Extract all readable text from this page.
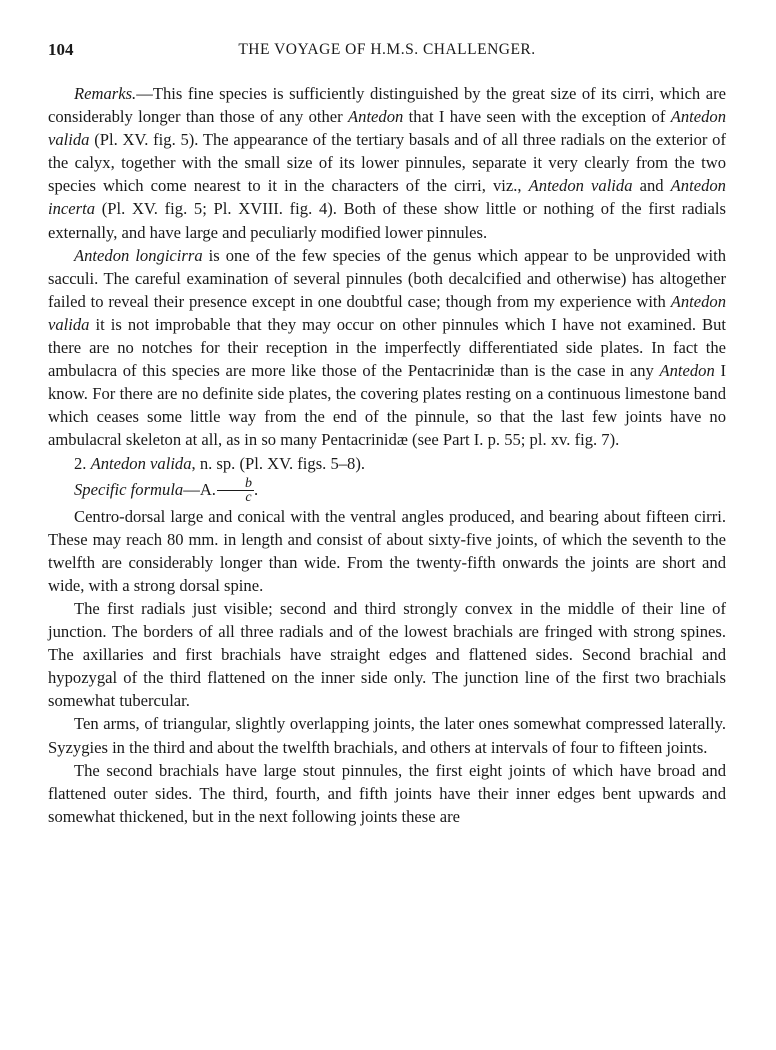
104	THE VOYAGE OF H.M.S. CHALLENGER.

Remarks.—This fine species is sufficiently distinguished by the great size of its cirri, which are considerably longer than those of any other Antedon that I have seen with the exception of Antedon valida (Pl. XV. fig. 5). The appearance of the tertiary basals and of all three radials on the exterior of the calyx, together with the small size of its lower pinnules, separate it very clearly from the two species which come nearest to it in the characters of the cirri, viz., Antedon valida and Antedon incerta (Pl. XV. fig. 5; Pl. XVIII. fig. 4). Both of these show little or nothing of the first radials externally, and have large and peculiarly modified lower pinnules.

Antedon longicirra is one of the few species of the genus which appear to be unprovided with sacculi. The careful examination of several pinnules (both decalcified and otherwise) has altogether failed to reveal their presence except in one doubtful case; though from my experience with Antedon valida it is not improbable that they may occur on other pinnules which I have not examined. But there are no notches for their reception in the imperfectly differentiated side plates. In fact the ambulacra of this species are more like those of the Pentacrinidæ than is the case in any Antedon I know. For there are no definite side plates, the covering plates resting on a continuous limestone band which ceases some little way from the end of the pinnule, so that the last few joints have no ambulacral skeleton at all, as in so many Pentacrinidæ (see Part I. p. 55; pl. xv. fig. 7).

2. Antedon valida, n. sp. (Pl. XV. figs. 5–8).

Specific formula—A. $\frac{b}{c}$ .

Centro-dorsal large and conical with the ventral angles produced, and bearing about fifteen cirri. These may reach 80 mm. in length and consist of about sixty-five joints, of which the seventh to the twelfth are considerably longer than wide. From the twenty-fifth onwards the joints are short and wide, with a strong dorsal spine.

The first radials just visible; second and third strongly convex in the middle of their line of junction. The borders of all three radials and of the lowest brachials are fringed with strong spines. The axillaries and first brachials have straight edges and flattened sides. Second brachial and hypozygal of the third flattened on the inner side only. The junction line of the first two brachials somewhat tubercular.

Ten arms, of triangular, slightly overlapping joints, the later ones somewhat compressed laterally. Syzygies in the third and about the twelfth brachials, and others at intervals of four to fifteen joints.

The second brachials have large stout pinnules, the first eight joints of which have broad and flattened outer sides. The third, fourth, and fifth joints have their inner edges bent upwards and somewhat thickened, but in the next following joints these are
